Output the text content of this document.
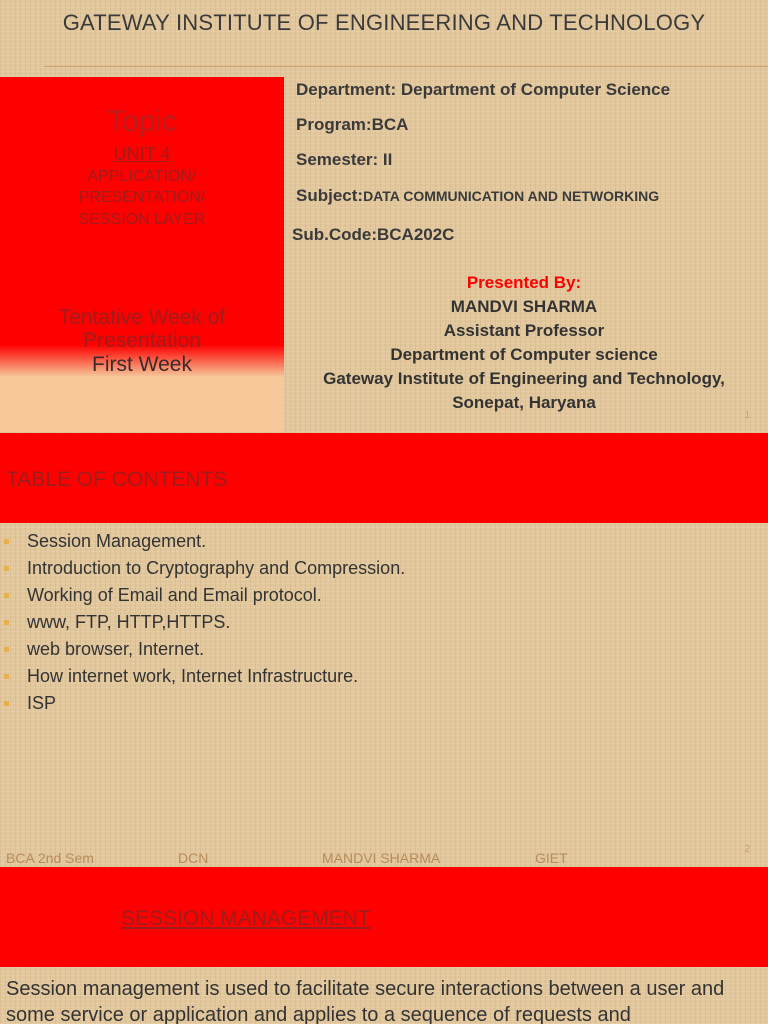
GATEWAY INSTITUTE OF ENGINEERING AND TECHNOLOGY
Topic
UNIT 4
APPLICATION/
PRESENTATION/
SESSION LAYER
Tentative Week of
Presentation
First Week
Department: Department of Computer Science
Program:BCA
Semester: II
Subject:DATA COMMUNICATION AND NETWORKING
Sub.Code:BCA202C
Presented By:
MANDVI SHARMA
Assistant Professor
Department of Computer science
Gateway Institute of Engineering and Technology,
Sonepat, Haryana
1
TABLE OF CONTENTS
Session Management.
Introduction to Cryptography and Compression.
Working of Email and Email protocol.
www, FTP, HTTP,HTTPS.
web browser, Internet.
How internet work, Internet Infrastructure.
ISP
BCA 2nd Sem	DCN	MANDVI SHARMA	GIET
2
SESSION MANAGEMENT
Session management is used to facilitate secure interactions between a user and some service or application and applies to a sequence of requests and
